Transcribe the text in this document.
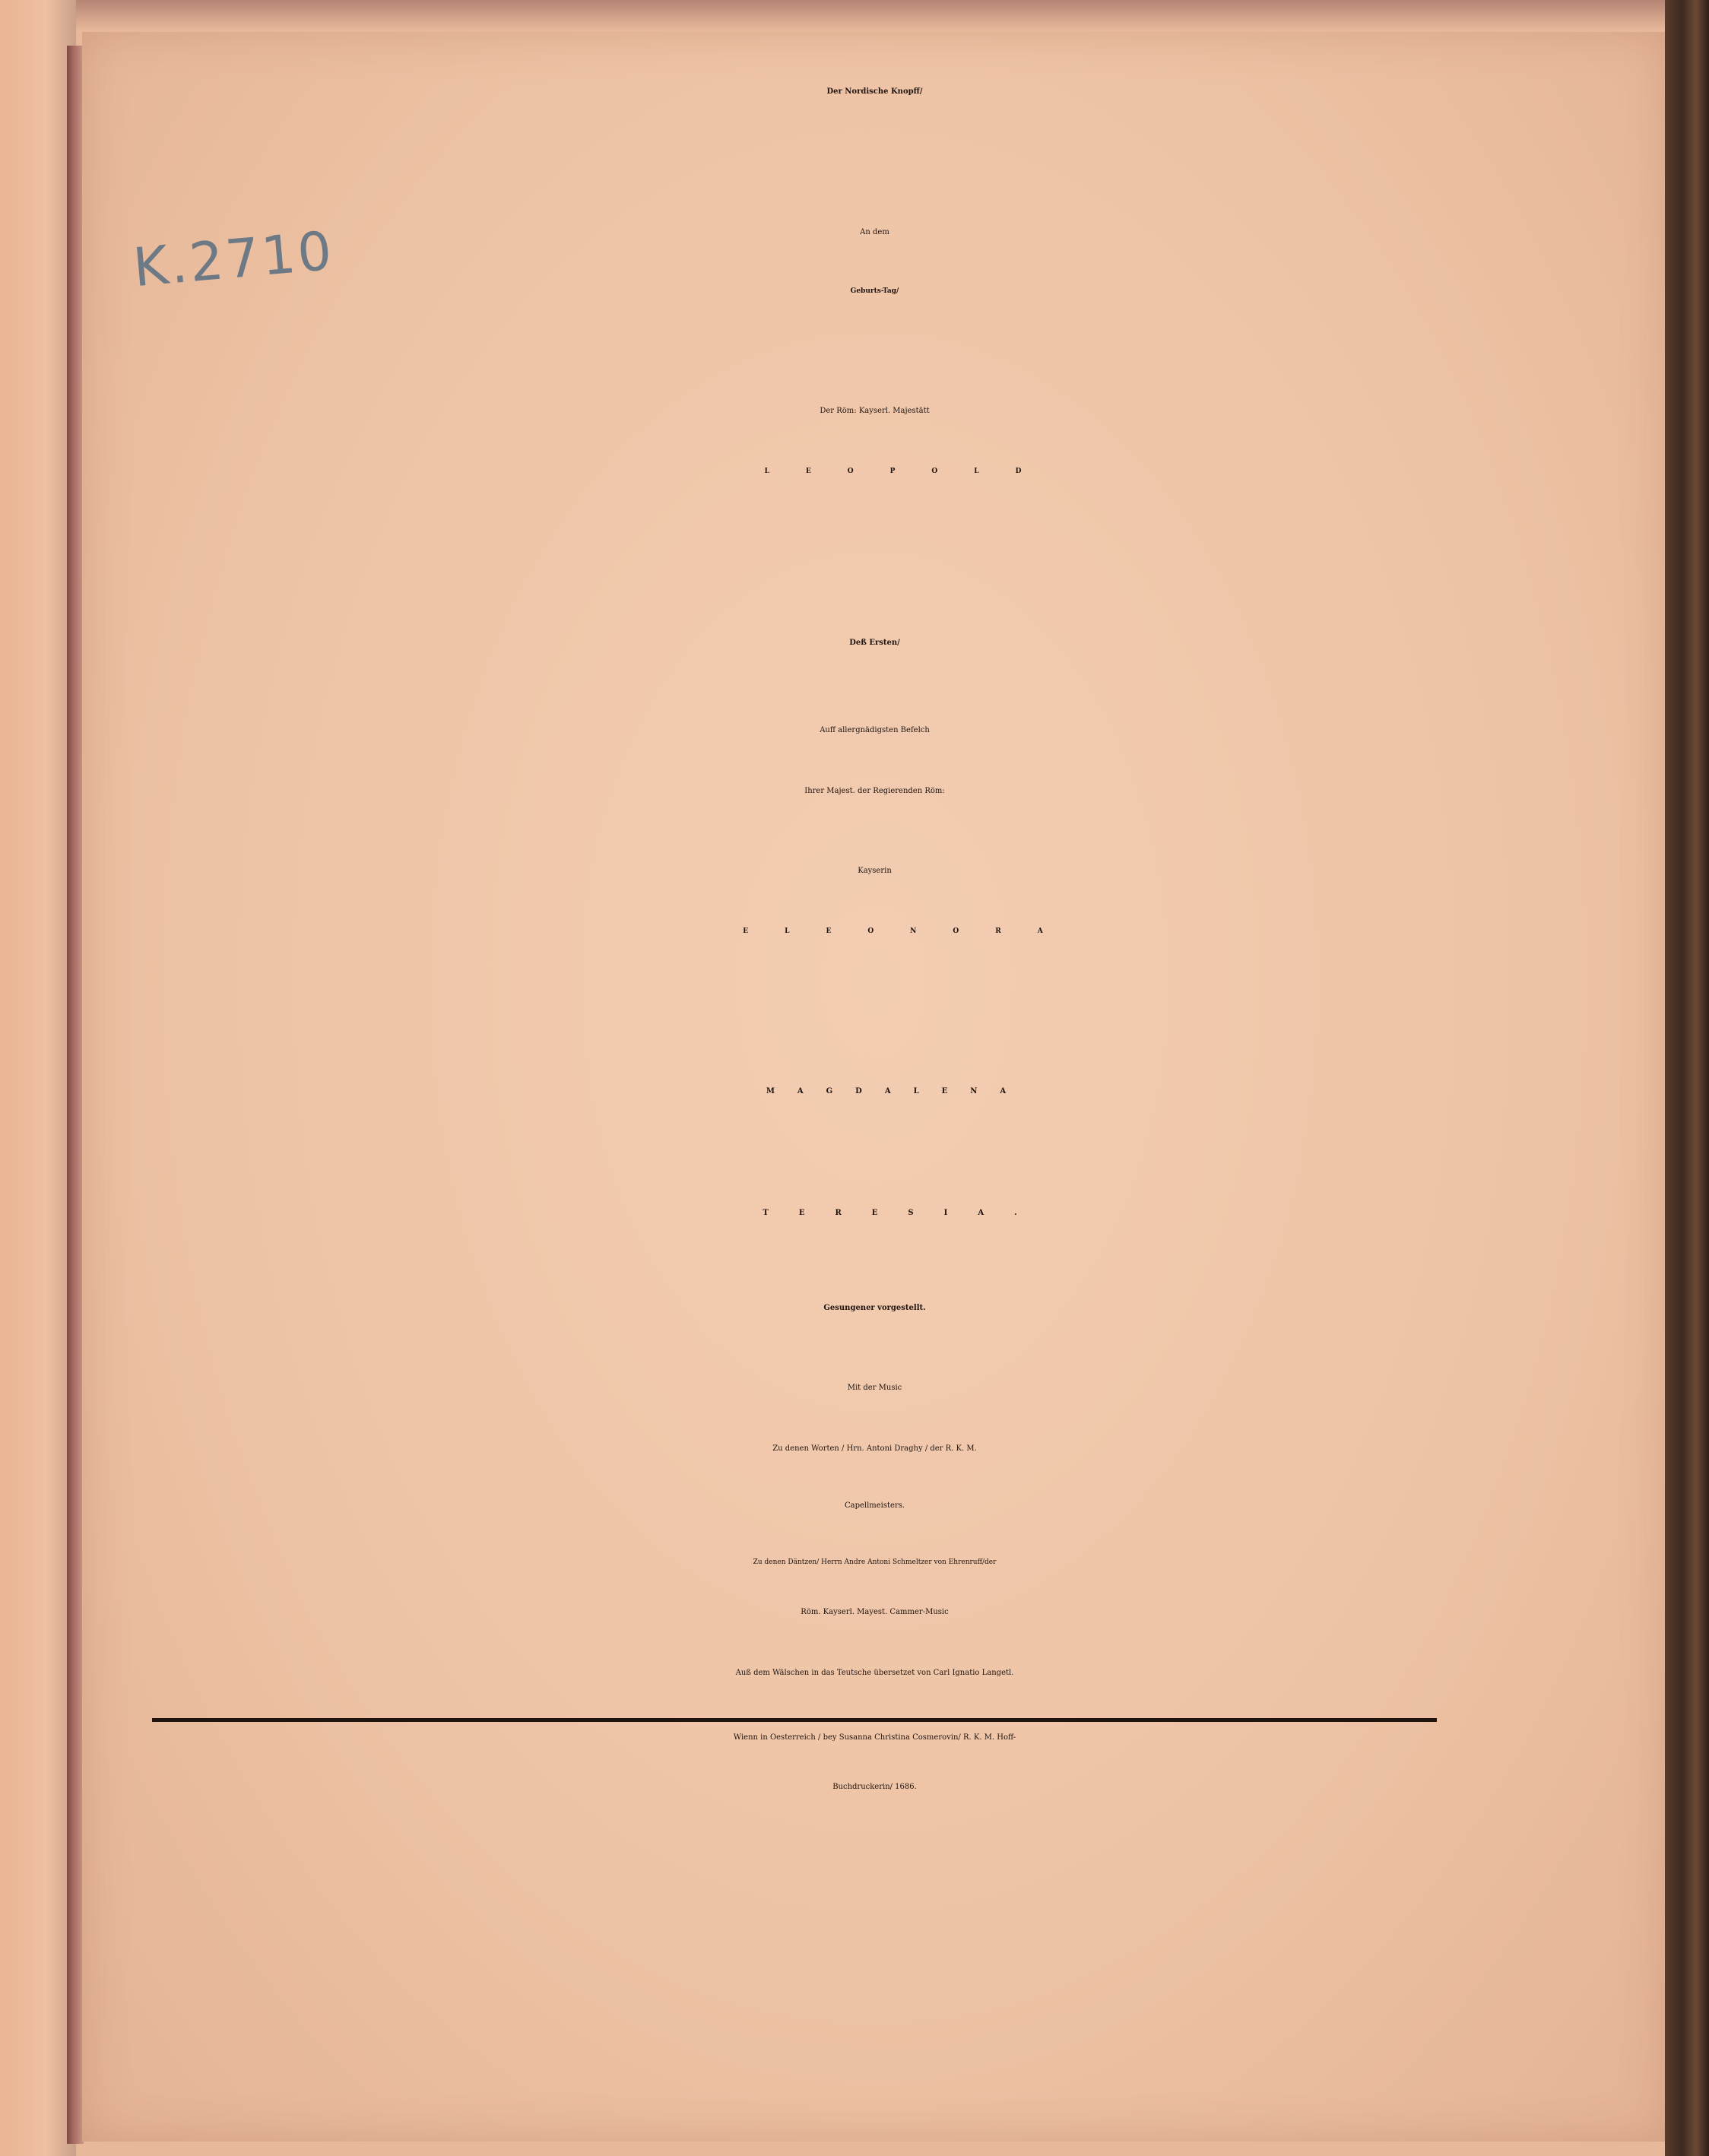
K.2710
Der Nordische Knopff/
An dem
Geburts-Tag/
Der Röm: Kayserl. Majestätt
LEOPOLD
Deß Ersten/
Auff allergnädigsten Befelch
Ihrer Majest. der Regierenden Röm:
Kayserin
ELEONORA
MAGDALENA
TERESIA.
Gesungener vorgestellt.
Mit der Music
Zu denen Worten / Hrn. Antoni Draghy / der R. K. M.
Capellmeisters.
Zu denen Däntzen/ Herrn Andre Antoni Schmeltzer von Ehrenruff/der
Röm. Kayserl. Mayest. Cammer-Music
Auß dem Wälschen in das Teutsche übersetzet von Carl Ignatio Langetl.
Wienn in Oesterreich / bey Susanna Christina Cosmerovin/ R. K. M. Hoff-
Buchdruckerin/ 1686.
